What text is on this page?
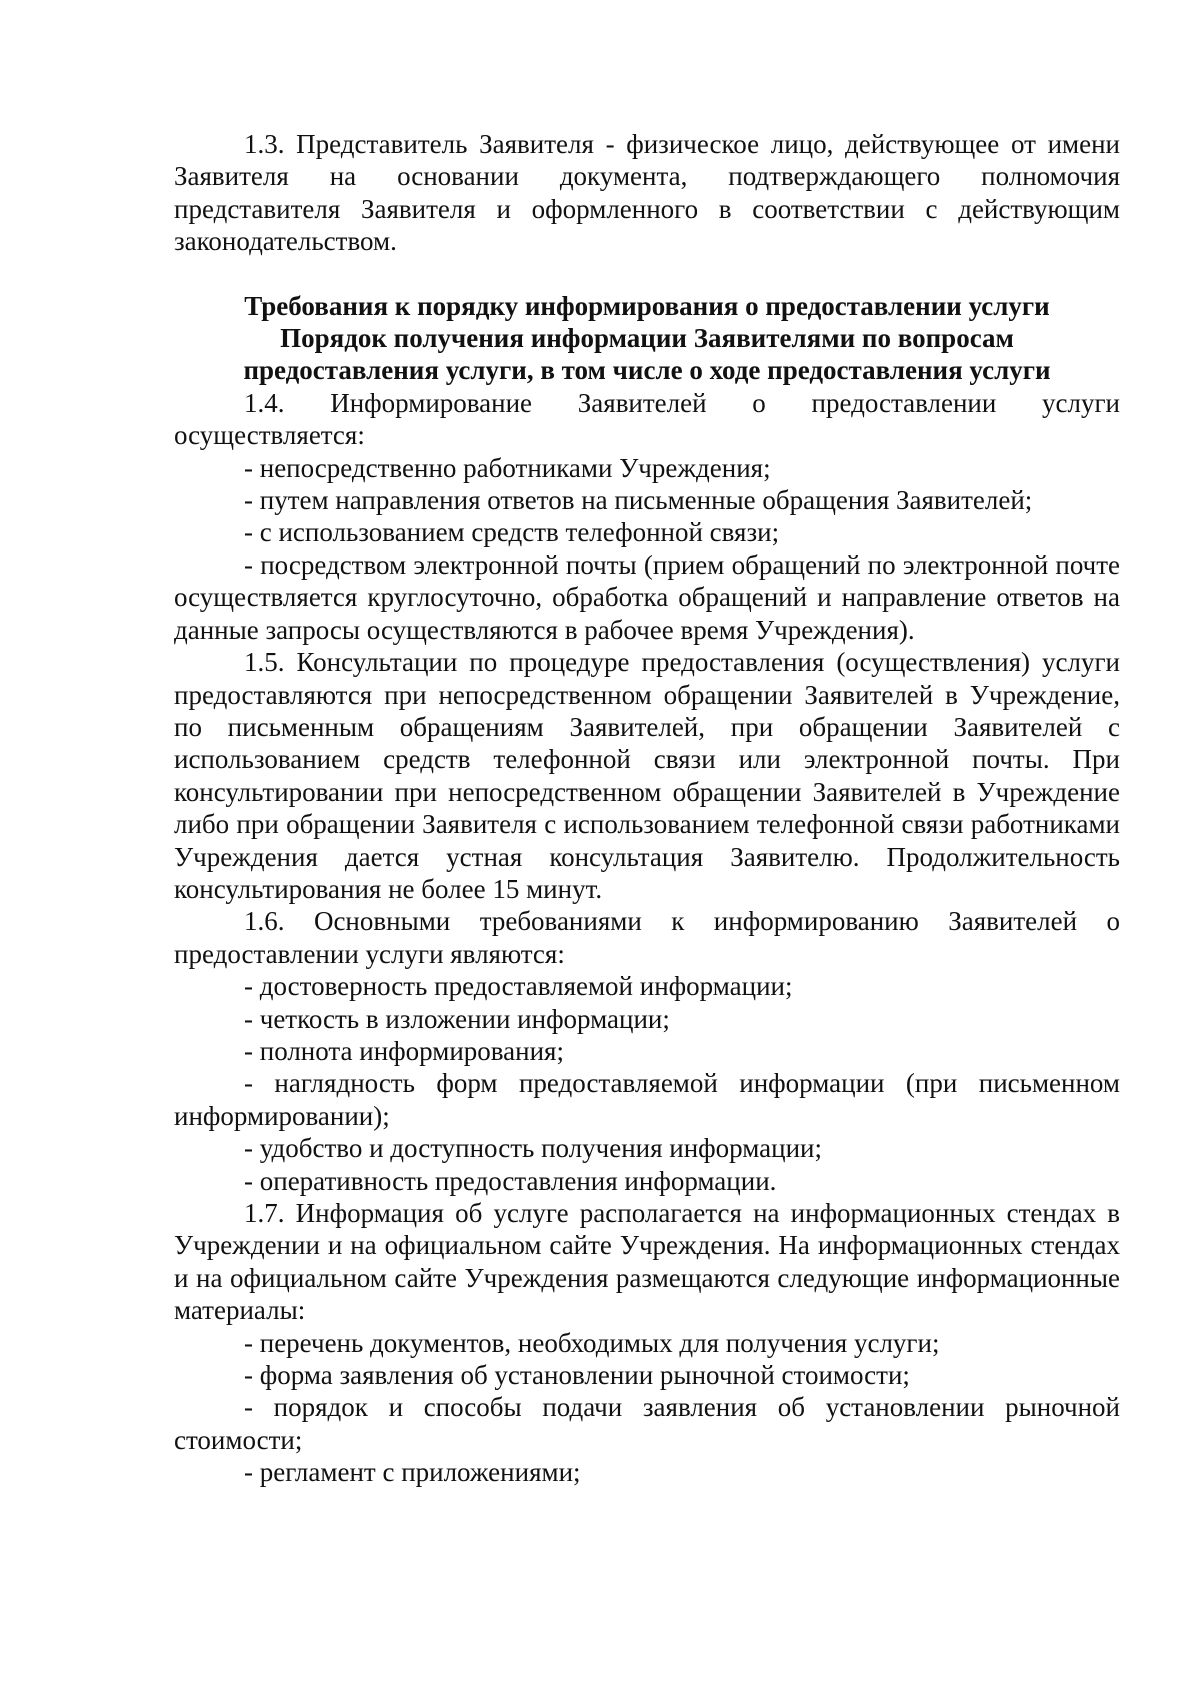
1.3. Представитель Заявителя - физическое лицо, действующее от имени Заявителя на основании документа, подтверждающего полномочия представителя Заявителя и оформленного в соответствии с действующим законодательством.

Требования к порядку информирования о предоставлении услуги

Порядок получения информации Заявителями по вопросам

предоставления услуги, в том числе о ходе предоставления услуги

1.4. Информирование Заявителей о предоставлении услуги осуществляется:

- непосредственно работниками Учреждения;

- путем направления ответов на письменные обращения Заявителей;

- с использованием средств телефонной связи;

- посредством электронной почты (прием обращений по электронной почте осуществляется круглосуточно, обработка обращений и направление ответов на данные запросы осуществляются в рабочее время Учреждения).

1.5. Консультации по процедуре предоставления (осуществления) услуги предоставляются при непосредственном обращении Заявителей в Учреждение, по письменным обращениям Заявителей, при обращении Заявителей с использованием средств телефонной связи или электронной почты. При консультировании при непосредственном обращении Заявителей в Учреждение либо при обращении Заявителя с использованием телефонной связи работниками Учреждения дается устная консультация Заявителю. Продолжительность консультирования не более 15 минут.

1.6. Основными требованиями к информированию Заявителей о предоставлении услуги являются:

- достоверность предоставляемой информации;

- четкость в изложении информации;

- полнота информирования;

- наглядность форм предоставляемой информации (при письменном информировании);

- удобство и доступность получения информации;

- оперативность предоставления информации.

1.7. Информация об услуге располагается на информационных стендах в Учреждении и на официальном сайте Учреждения. На информационных стендах и на официальном сайте Учреждения размещаются следующие информационные материалы:

- перечень документов, необходимых для получения услуги;

- форма заявления об установлении рыночной стоимости;

- порядок и способы подачи заявления об установлении рыночной стоимости;

- регламент с приложениями;
